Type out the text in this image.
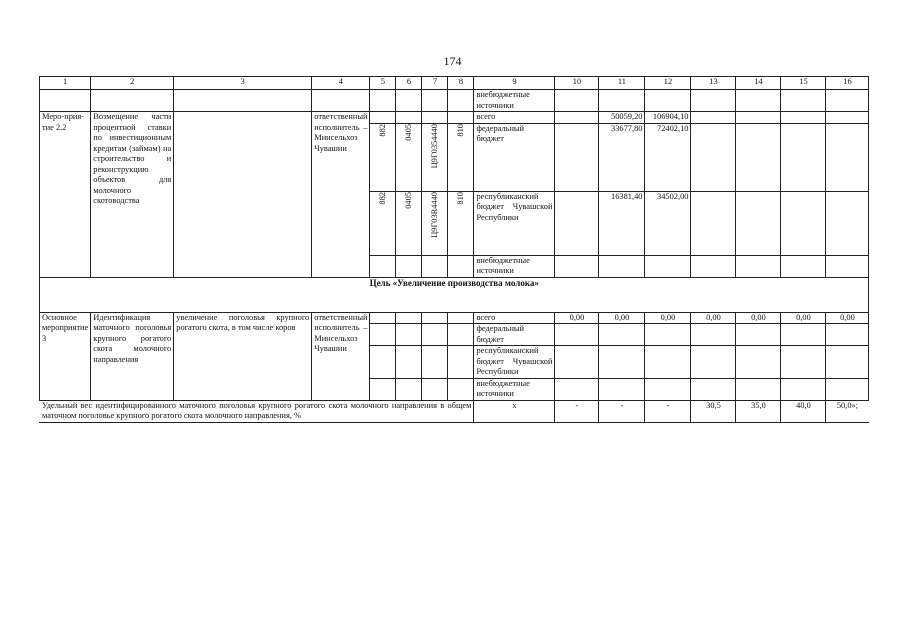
174
1	2	3	4	5	6	7	8	9	10	11	12	13	14	15	16
								внебюджетные источники							
Меро-прия-тие 2.2	Возмещение части процентной ставки по инвестиционным кредитам (займам) на строительство и реконструкцию объектов для молочного скотоводства		ответственный исполнитель – Минсельхоз Чувашии					всего		50059,20	106904,10				
				882	0405	Ц9Г0354440	810	федеральный бюджет		33677,80	72402,10				
				882	0405	Ц9Г03R4440	810	республиканский бюджет Чувашской Республики		16381,40	34502,00				
								внебюджетные источники							
Цель «Увеличение производства молока»															
Основное мероприятие 3	Идентификация маточного поголовья крупного рогатого скота молочного направления	увеличение поголовья крупного рогатого скота, в том числе коров	ответственный исполнитель – Минсельхоз Чувашии					всего	0,00	0,00	0,00	0,00	0,00	0,00	0,00
								федеральный бюджет							
								республиканский бюджет Чувашской Республики							
								внебюджетные источники							
Удельный вес идентифицированного маточного поголовья крупного рогатого скота молочного направления в общем маточном поголовье крупного рогатого скота молочного направления, %								х	-	-	-	30,5	35,0	40,0	50,0»;
